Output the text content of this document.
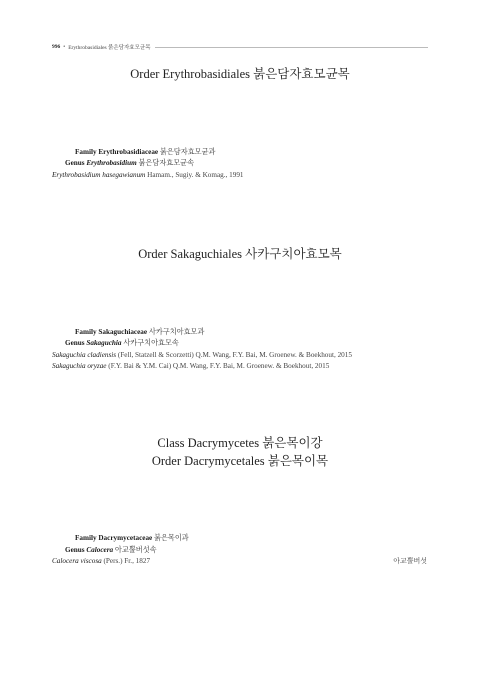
996 • Erythrobasidiales 붉은담자효모균목
Order Erythrobasidiales 붉은담자효모균목
Family Erythrobasidiaceae 붉은담자효모균과
Genus Erythrobasidium 붉은담자효모균속
Erythrobasidium hasegawianum Hamam., Sugiy. & Komag., 1991
Order Sakaguchiales 사카구치아효모목
Family Sakaguchiaceae 사카구치아효모과
Genus Sakaguchia 사카구치아효모속
Sakaguchia cladiensis (Fell, Statzell & Scorzetti) Q.M. Wang, F.Y. Bai, M. Groenew. & Boekhout, 2015
Sakaguchia oryzae (F.Y. Bai & Y.M. Cai) Q.M. Wang, F.Y. Bai, M. Groenew. & Boekhout, 2015
Class Dacrymycetes 붉은목이강
Order Dacrymycetales 붉은목이목
Family Dacrymycetaceae 붉은목이과
Genus Calocera 아교뿔버섯속
Calocera viscosa (Pers.) Fr., 1827	아교뿔버섯
